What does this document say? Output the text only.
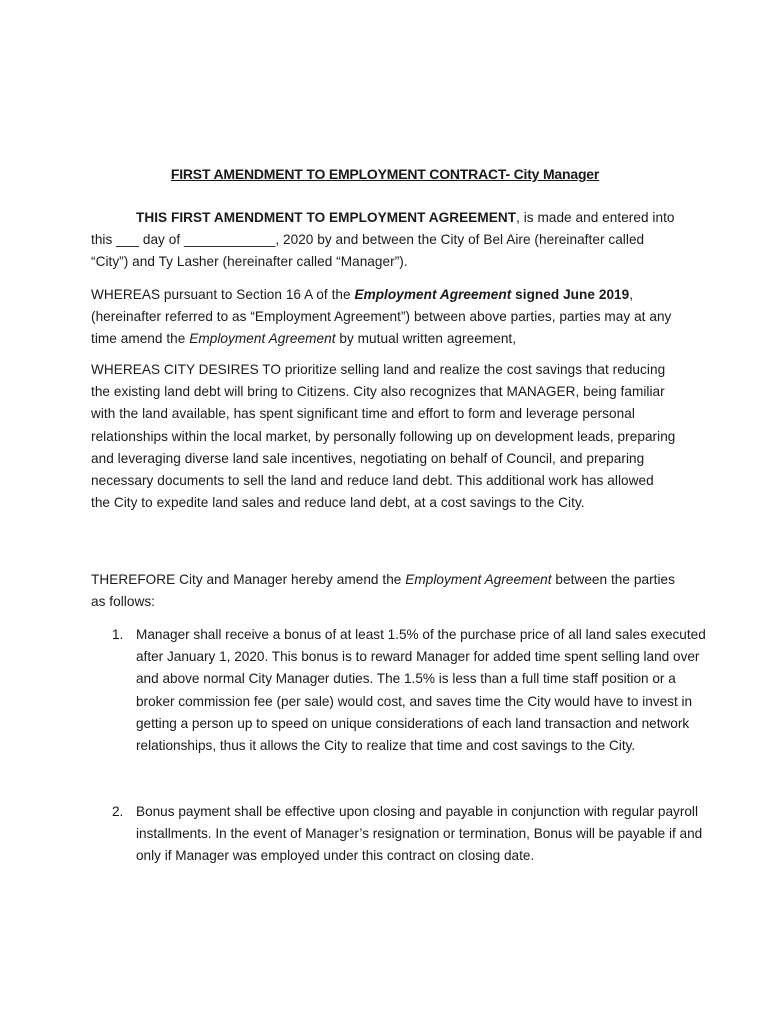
FIRST AMENDMENT TO EMPLOYMENT CONTRACT- City Manager
THIS FIRST AMENDMENT TO EMPLOYMENT AGREEMENT, is made and entered into this ___ day of ____________, 2020 by and between the City of Bel Aire (hereinafter called “City”) and Ty Lasher (hereinafter called “Manager”).
WHEREAS pursuant to Section 16 A of the Employment Agreement signed June 2019, (hereinafter referred to as “Employment Agreement”) between above parties, parties may at any time amend the Employment Agreement by mutual written agreement,
WHEREAS CITY DESIRES TO prioritize selling land and realize the cost savings that reducing the existing land debt will bring to Citizens. City also recognizes that MANAGER, being familiar with the land available, has spent significant time and effort to form and leverage personal relationships within the local market, by personally following up on development leads, preparing and leveraging diverse land sale incentives, negotiating on behalf of Council, and preparing necessary documents to sell the land and reduce land debt. This additional work has allowed the City to expedite land sales and reduce land debt, at a cost savings to the City.
THEREFORE City and Manager hereby amend the Employment Agreement between the parties as follows:
1. Manager shall receive a bonus of at least 1.5% of the purchase price of all land sales executed after January 1, 2020. This bonus is to reward Manager for added time spent selling land over and above normal City Manager duties. The 1.5% is less than a full time staff position or a broker commission fee (per sale) would cost, and saves time the City would have to invest in getting a person up to speed on unique considerations of each land transaction and network relationships, thus it allows the City to realize that time and cost savings to the City.
2. Bonus payment shall be effective upon closing and payable in conjunction with regular payroll installments. In the event of Manager’s resignation or termination, Bonus will be payable if and only if Manager was employed under this contract on closing date.
